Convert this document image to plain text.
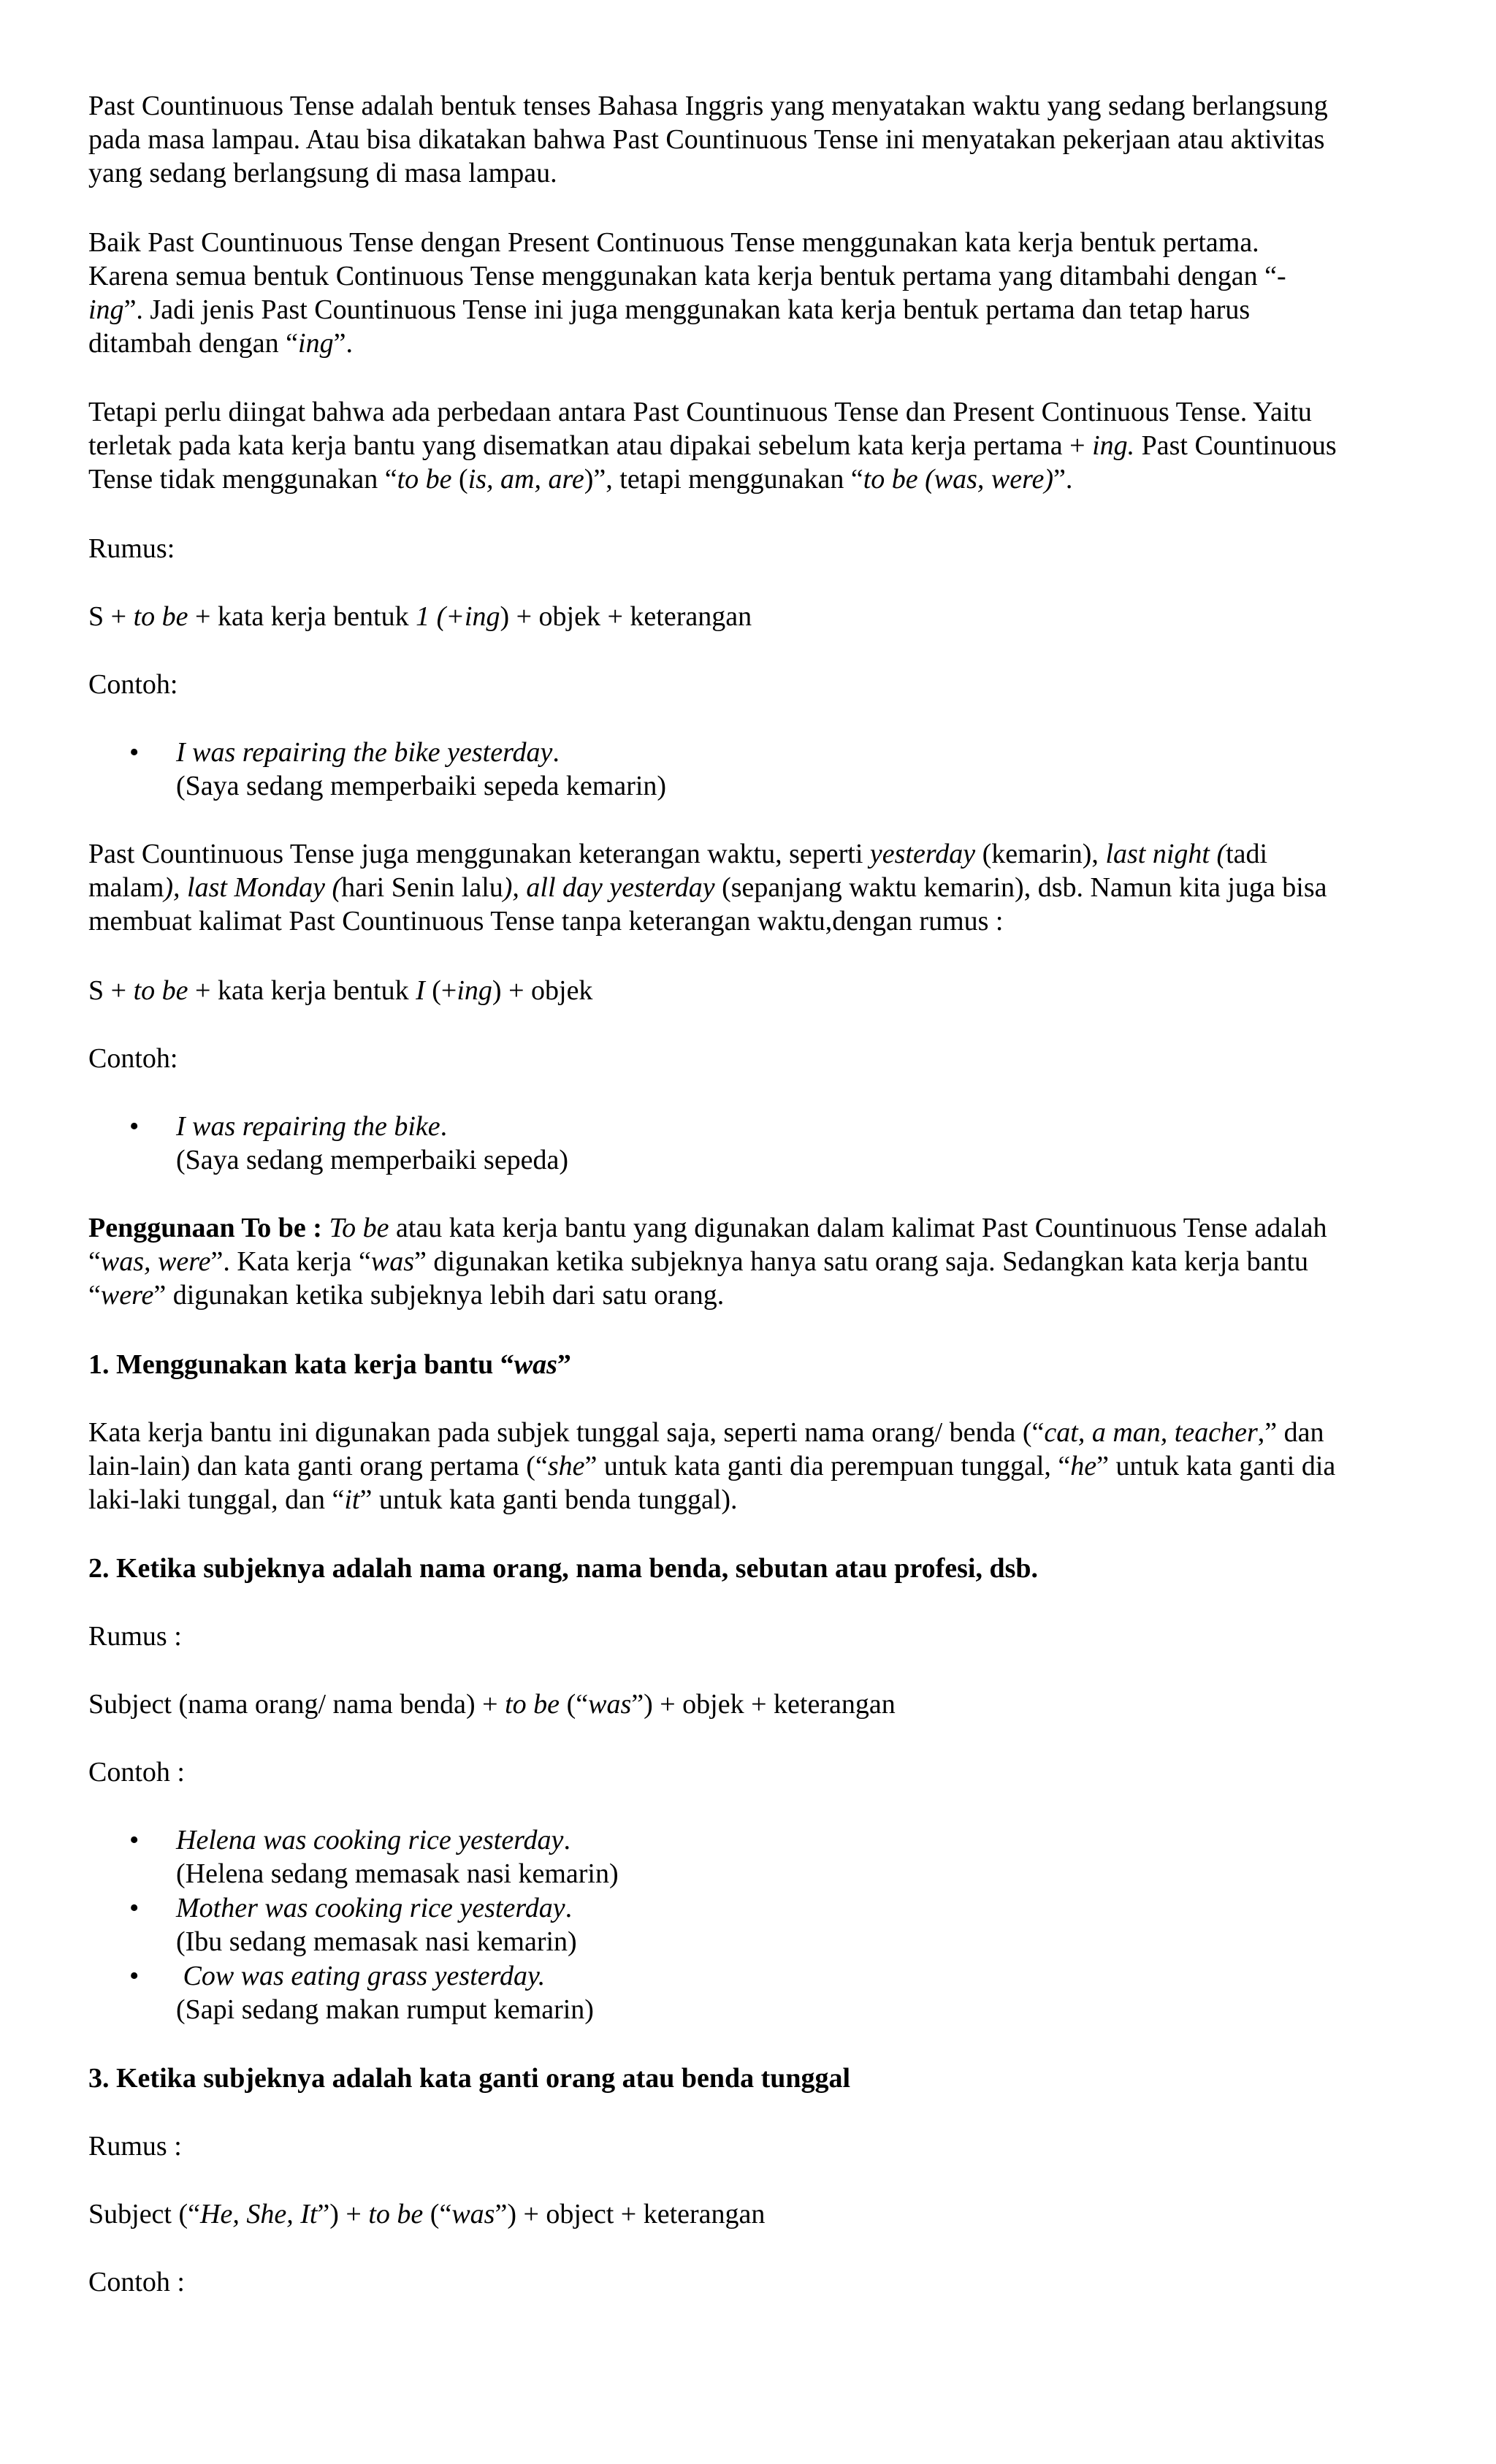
Past Countinuous Tense adalah bentuk tenses Bahasa Inggris yang menyatakan waktu yang sedang berlangsung

pada masa lampau. Atau bisa dikatakan bahwa Past Countinuous Tense ini menyatakan pekerjaan atau aktivitas

yang sedang berlangsung di masa lampau.

Baik Past Countinuous Tense dengan Present Continuous Tense menggunakan kata kerja bentuk pertama.

Karena semua bentuk Continuous Tense menggunakan kata kerja bentuk pertama yang ditambahi dengan “-

ing”. Jadi jenis Past Countinuous Tense ini juga menggunakan kata kerja bentuk pertama dan tetap harus

ditambah dengan “ing”.

Tetapi perlu diingat bahwa ada perbedaan antara Past Countinuous Tense dan Present Continuous Tense. Yaitu

terletak pada kata kerja bantu yang disematkan atau dipakai sebelum kata kerja pertama + ing. Past Countinuous

Tense tidak menggunakan “to be (is, am, are)”, tetapi menggunakan “to be (was, were)”.

Rumus:

S + to be + kata kerja bentuk 1 (+ing) + objek + keterangan

Contoh:

• I was repairing the bike yesterday.

(Saya sedang memperbaiki sepeda kemarin)

Past Countinuous Tense juga menggunakan keterangan waktu, seperti yesterday (kemarin), last night (tadi

malam), last Monday (hari Senin lalu), all day yesterday (sepanjang waktu kemarin), dsb. Namun kita juga bisa

membuat kalimat Past Countinuous Tense tanpa keterangan waktu,dengan rumus :

S + to be + kata kerja bentuk I (+ing) + objek

Contoh:

• I was repairing the bike.

(Saya sedang memperbaiki sepeda)

Penggunaan To be : To be atau kata kerja bantu yang digunakan dalam kalimat Past Countinuous Tense adalah

“was, were”. Kata kerja “was” digunakan ketika subjeknya hanya satu orang saja. Sedangkan kata kerja bantu

“were” digunakan ketika subjeknya lebih dari satu orang.

1. Menggunakan kata kerja bantu “was”

Kata kerja bantu ini digunakan pada subjek tunggal saja, seperti nama orang/ benda (“cat, a man, teacher,” dan

lain-lain) dan kata ganti orang pertama (“she” untuk kata ganti dia perempuan tunggal, “he” untuk kata ganti dia

laki-laki tunggal, dan “it” untuk kata ganti benda tunggal).

2. Ketika subjeknya adalah nama orang, nama benda, sebutan atau profesi, dsb.

Rumus :

Subject (nama orang/ nama benda) + to be (“was”) + objek + keterangan

Contoh :

• Helena was cooking rice yesterday.

(Helena sedang memasak nasi kemarin)

• Mother was cooking rice yesterday.

(Ibu sedang memasak nasi kemarin)

• Cow was eating grass yesterday.

(Sapi sedang makan rumput kemarin)

3. Ketika subjeknya adalah kata ganti orang atau benda tunggal

Rumus :

Subject (“He, She, It”) + to be (“was”) + object + keterangan

Contoh :
